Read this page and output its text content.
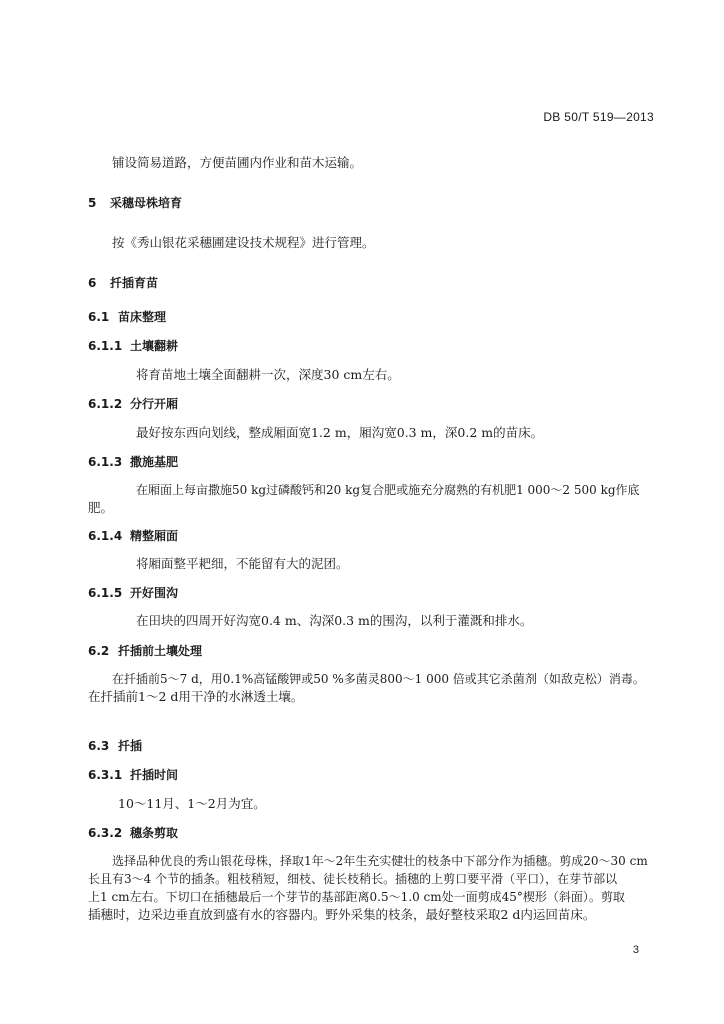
DB 50/T 519—2013
铺设简易道路，方便苗圃内作业和苗木运输。
5 采穗母株培育
按《秀山银花采穗圃建设技术规程》进行管理。
6 扦插育苗
6.1 苗床整理
6.1.1 土壤翻耕
将育苗地土壤全面翻耕一次，深度30 cm左右。
6.1.2 分行开厢
最好按东西向划线，整成厢面宽1.2 m，厢沟宽0.3 m，深0.2 m的苗床。
6.1.3 撒施基肥
在厢面上每亩撒施50 kg过磷酸钙和20 kg复合肥或施充分腐熟的有机肥1 000～2 500 kg作底
肥。
6.1.4 精整厢面
将厢面整平耙细，不能留有大的泥团。
6.1.5 开好围沟
在田块的四周开好沟宽0.4 m、沟深0.3 m的围沟，以利于灌溉和排水。
6.2 扦插前土壤处理
在扦插前5～7 d，用0.1%高锰酸钾或50 %多菌灵800～1 000 倍或其它杀菌剂（如敌克松）消毒。
在扦插前1～2 d用干净的水淋透土壤。
6.3 扦插
6.3.1 扦插时间
10～11月、1～2月为宜。
6.3.2 穗条剪取
选择品种优良的秀山银花母株，择取1年～2年生充实健壮的枝条中下部分作为插穗。剪成20～30 cm
长且有3～4 个节的插条。粗枝稍短，细枝、徒长枝稍长。插穗的上剪口要平滑（平口），在芽节部以
上1 cm左右。下切口在插穗最后一个芽节的基部距离0.5～1.0 cm处一面剪成45°楔形（斜面）。剪取
插穗时，边采边垂直放到盛有水的容器内。野外采集的枝条，最好整枝采取2 d内运回苗床。
3
